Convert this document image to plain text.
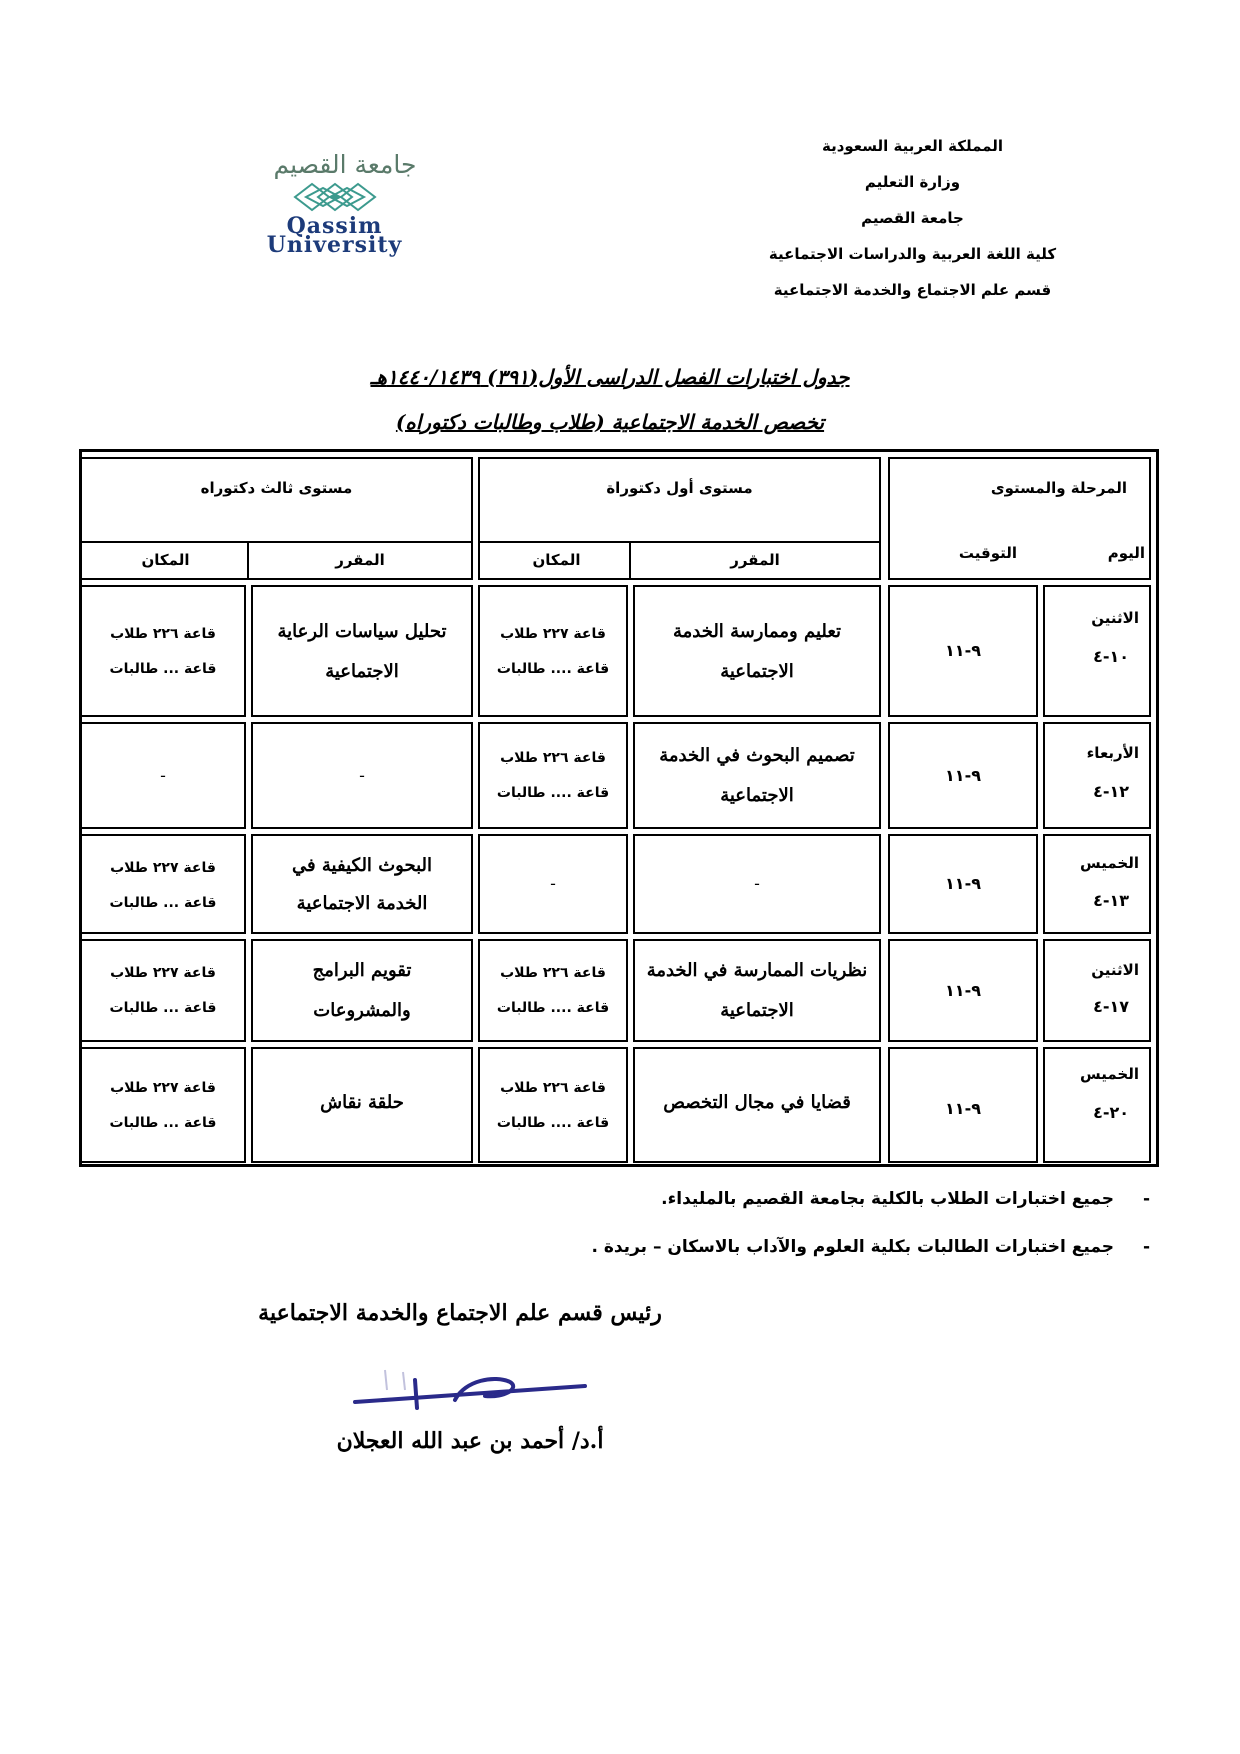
المملكة العربية السعودية
وزارة التعليم
جامعة القصيم
كلية اللغة العربية والدراسات الاجتماعية
قسم علم الاجتماع والخدمة الاجتماعية
جامعة القصيم
Qassim
University
جدول اختبارات الفصل الدراسى الأول(٣٩١) ١٤٤٠/١٤٣٩هـ
تخصص الخدمة الاجتماعية (طلاب وطالبات دكتوراه)
المرحلة والمستوى
اليوم
التوقيت
مستوى أول دكتوراة
المقرر
المكان
مستوى ثالث دكتوراه
المقرر
المكان
الاثنين
١٠-٤
٩-١١
تعليم وممارسة الخدمة
الاجتماعية
قاعة ٢٢٧ طلاب
قاعة .... طالبات
تحليل سياسات الرعاية
الاجتماعية
قاعة ٢٢٦ طلاب
قاعة ... طالبات
الأربعاء
١٢-٤
٩-١١
تصميم البحوث في الخدمة
الاجتماعية
قاعة ٢٢٦ طلاب
قاعة .... طالبات
-
-
الخميس
١٣-٤
٩-١١
-
-
البحوث الكيفية في
الخدمة الاجتماعية
قاعة ٢٢٧ طلاب
قاعة ... طالبات
الاثنين
١٧-٤
٩-١١
نظريات الممارسة في الخدمة
الاجتماعية
قاعة ٢٢٦ طلاب
قاعة .... طالبات
تقويم البرامج
والمشروعات
قاعة ٢٢٧ طلاب
قاعة ... طالبات
الخميس
٢٠-٤
٩-١١
قضايا في مجال التخصص
قاعة ٢٢٦ طلاب
قاعة .... طالبات
حلقة نقاش
قاعة ٢٢٧ طلاب
قاعة ... طالبات
-جميع اختبارات الطلاب بالكلية بجامعة القصيم بالمليداء.
-جميع اختبارات الطالبات بكلية العلوم والآداب بالاسكان – بريدة .
رئيس قسم علم الاجتماع والخدمة الاجتماعية
أ.د/ أحمد بن عبد الله العجلان
